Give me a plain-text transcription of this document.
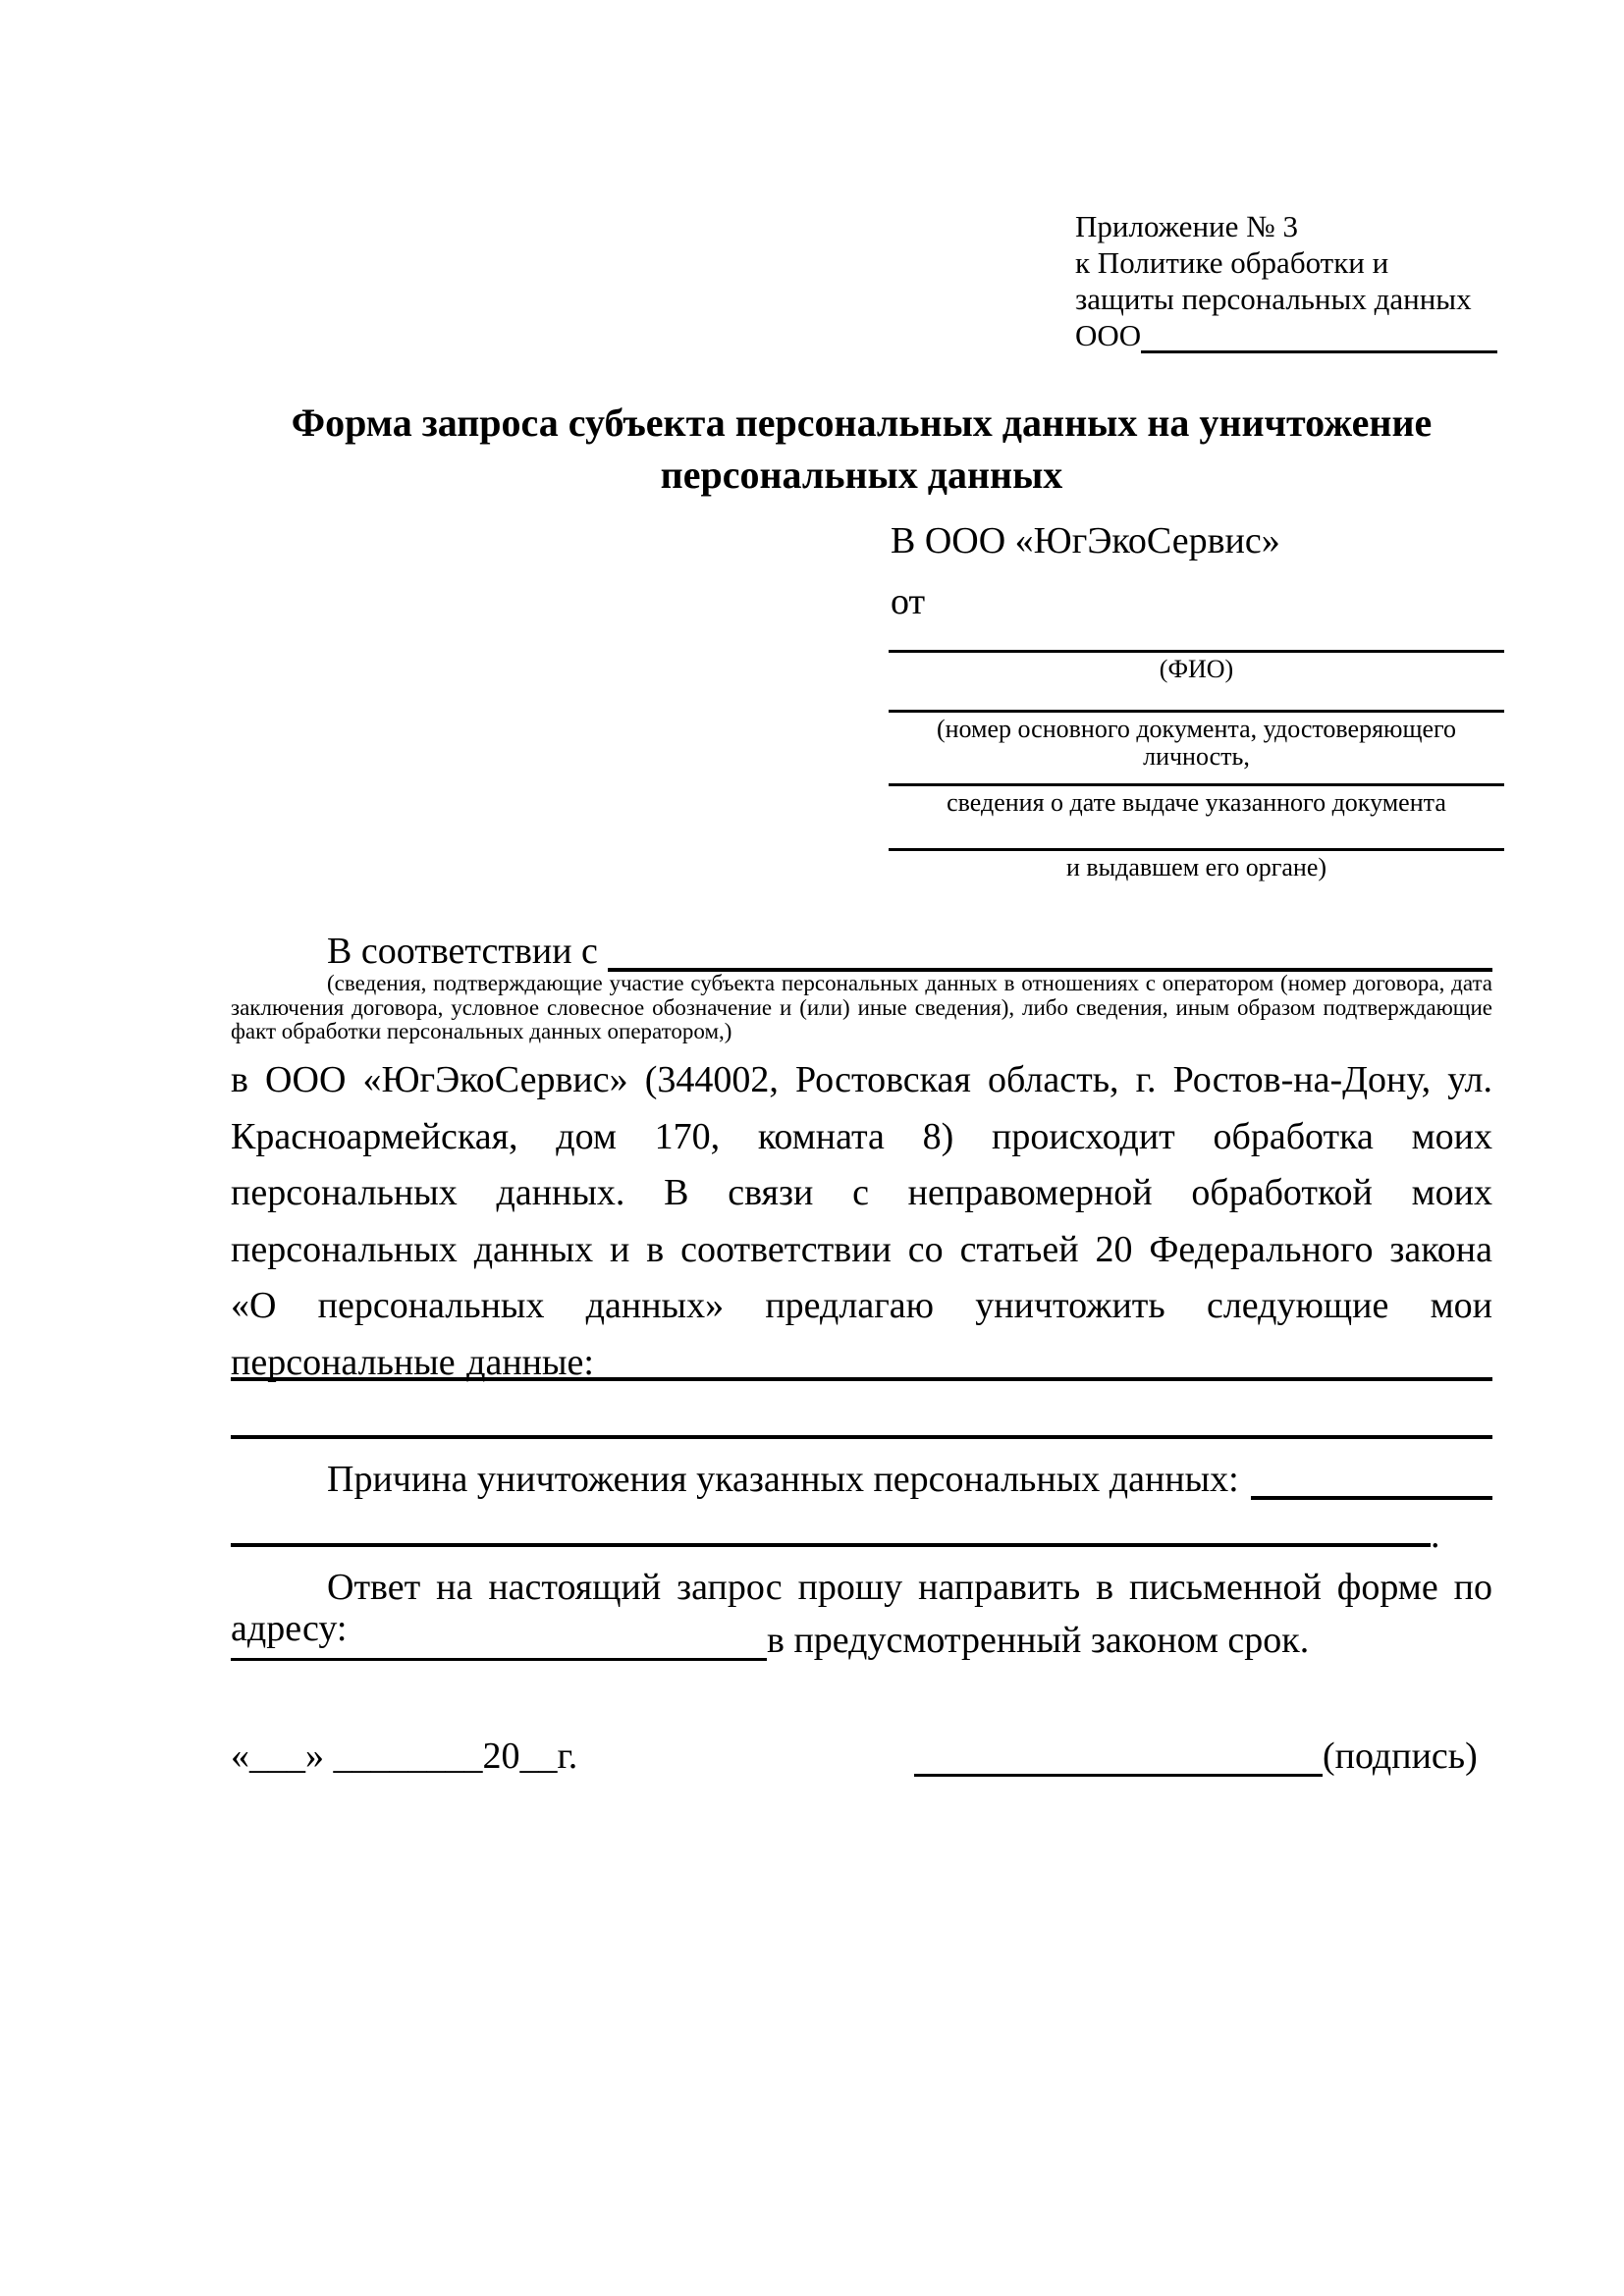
Приложение № 3
к Политике обработки и
защиты персональных данных
ООО
Форма запроса субъекта персональных данных на уничтожение персональных данных
В ООО «ЮгЭкоСервис»
от
(ФИО)
(номер основного документа, удостоверяющего личность,
сведения о дате выдаче указанного документа
и выдавшем его органе)
В соответствии с
(сведения, подтверждающие участие субъекта персональных данных в отношениях с оператором (номер договора, дата заключения договора, условное словесное обозначение и (или) иные сведения), либо сведения, иным образом подтверждающие факт обработки персональных данных оператором,)
в ООО «ЮгЭкоСервис» (344002, Ростовская область, г. Ростов-на-Дону, ул. Красноармейская, дом 170, комната 8) происходит обработка моих персональных данных. В связи с неправомерной обработкой моих персональных данных и в соответствии со статьей 20 Федерального закона «О персональных данных» предлагаю уничтожить следующие мои персональные данные:
Причина уничтожения указанных персональных данных:
.
Ответ на настоящий запрос прошу направить в письменной форме по адресу:	в предусмотренный законом срок.
«___» ________20__г.	(подпись)
